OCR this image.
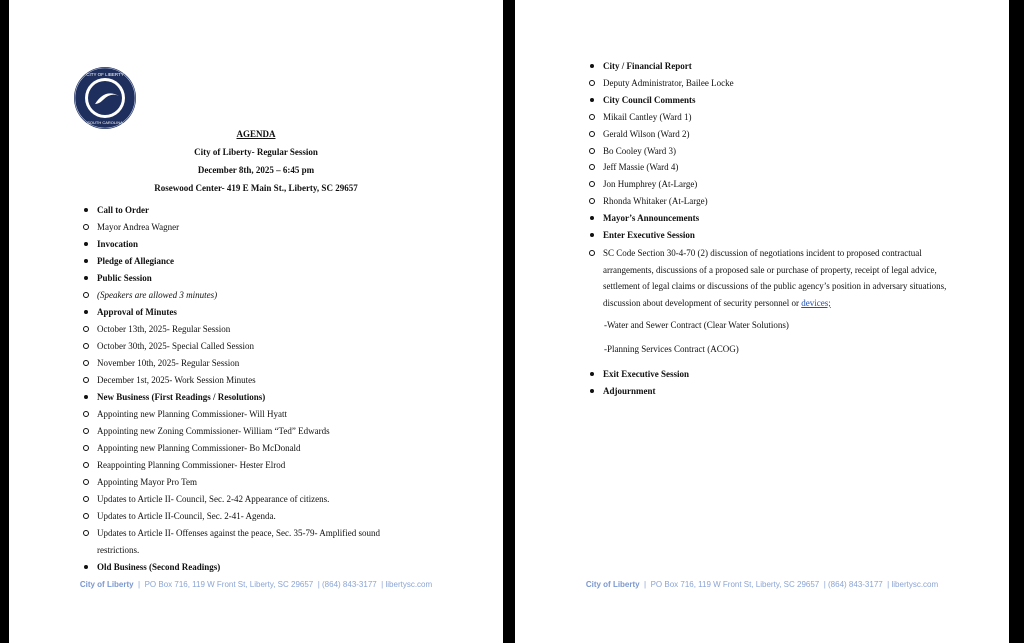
CITY OF LIBERTY
SOUTH CAROLINA
AGENDA
City of Liberty- Regular Session
December 8th, 2025 – 6:45 pm
Rosewood Center- 419 E Main St., Liberty, SC 29657
Call to Order
Mayor Andrea Wagner
Invocation
Pledge of Allegiance
Public Session
(Speakers are allowed 3 minutes)
Approval of Minutes
October 13th, 2025- Regular Session
October 30th, 2025- Special Called Session
November 10th, 2025- Regular Session
December 1st, 2025- Work Session Minutes
New Business (First Readings / Resolutions)
Appointing new Planning Commissioner- Will Hyatt
Appointing new Zoning Commissioner- William “Ted” Edwards
Appointing new Planning Commissioner- Bo McDonald
Reappointing Planning Commissioner- Hester Elrod
Appointing Mayor Pro Tem
Updates to Article II- Council, Sec. 2-42 Appearance of citizens.
Updates to Article II-Council, Sec. 2-41- Agenda.
Updates to Article II- Offenses against the peace, Sec. 35-79- Amplified sound
restrictions.
Old Business (Second Readings)
City of Liberty  |  PO Box 716, 119 W Front St, Liberty, SC 29657  | (864) 843-3177  | libertysc.com
City / Financial Report
Deputy Administrator, Bailee Locke
City Council Comments
Mikail Cantley (Ward 1)
Gerald Wilson (Ward 2)
Bo Cooley (Ward 3)
Jeff Massie (Ward 4)
Jon Humphrey (At-Large)
Rhonda Whitaker (At-Large)
Mayor’s Announcements
Enter Executive Session
SC Code Section 30-4-70 (2) discussion of negotiations incident to proposed contractual arrangements, discussions of a proposed sale or purchase of property, receipt of legal advice, settlement of legal claims or discussions of the public agency’s position in adversary situations, discussion about development of security personnel or devices;
-Water and Sewer Contract (Clear Water Solutions)
-Planning Services Contract (ACOG)
Exit Executive Session
Adjournment
City of Liberty  |  PO Box 716, 119 W Front St, Liberty, SC 29657  | (864) 843-3177  | libertysc.com
